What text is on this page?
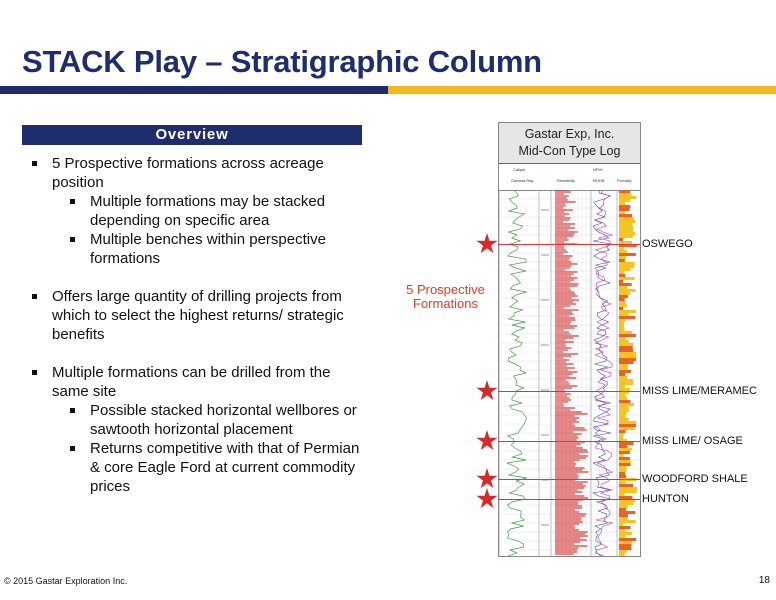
STACK Play – Stratigraphic Column
Overview
5 Prospective formations across acreage position
Multiple formations may be stacked depending on specific area
Multiple benches within perspective formations
Offers large quantity of drilling projects from which to select the highest returns/ strategic benefits
Multiple formations can be drilled from the same site
Possible stacked horizontal wellbores or sawtooth horizontal placement
Returns competitive with that of Permian & core Eagle Ford at current commodity prices
Gastar Exp, Inc.
Mid-Con Type Log
Caliper
Gamma Ray	Resistivity
NPHI
RHOB	Porosity
5 Prospective
Formations
OSWEGO
MISS LIME/MERAMEC
MISS LIME/ OSAGE
WOODFORD SHALE
HUNTON
© 2015 Gastar Exploration Inc.	18
